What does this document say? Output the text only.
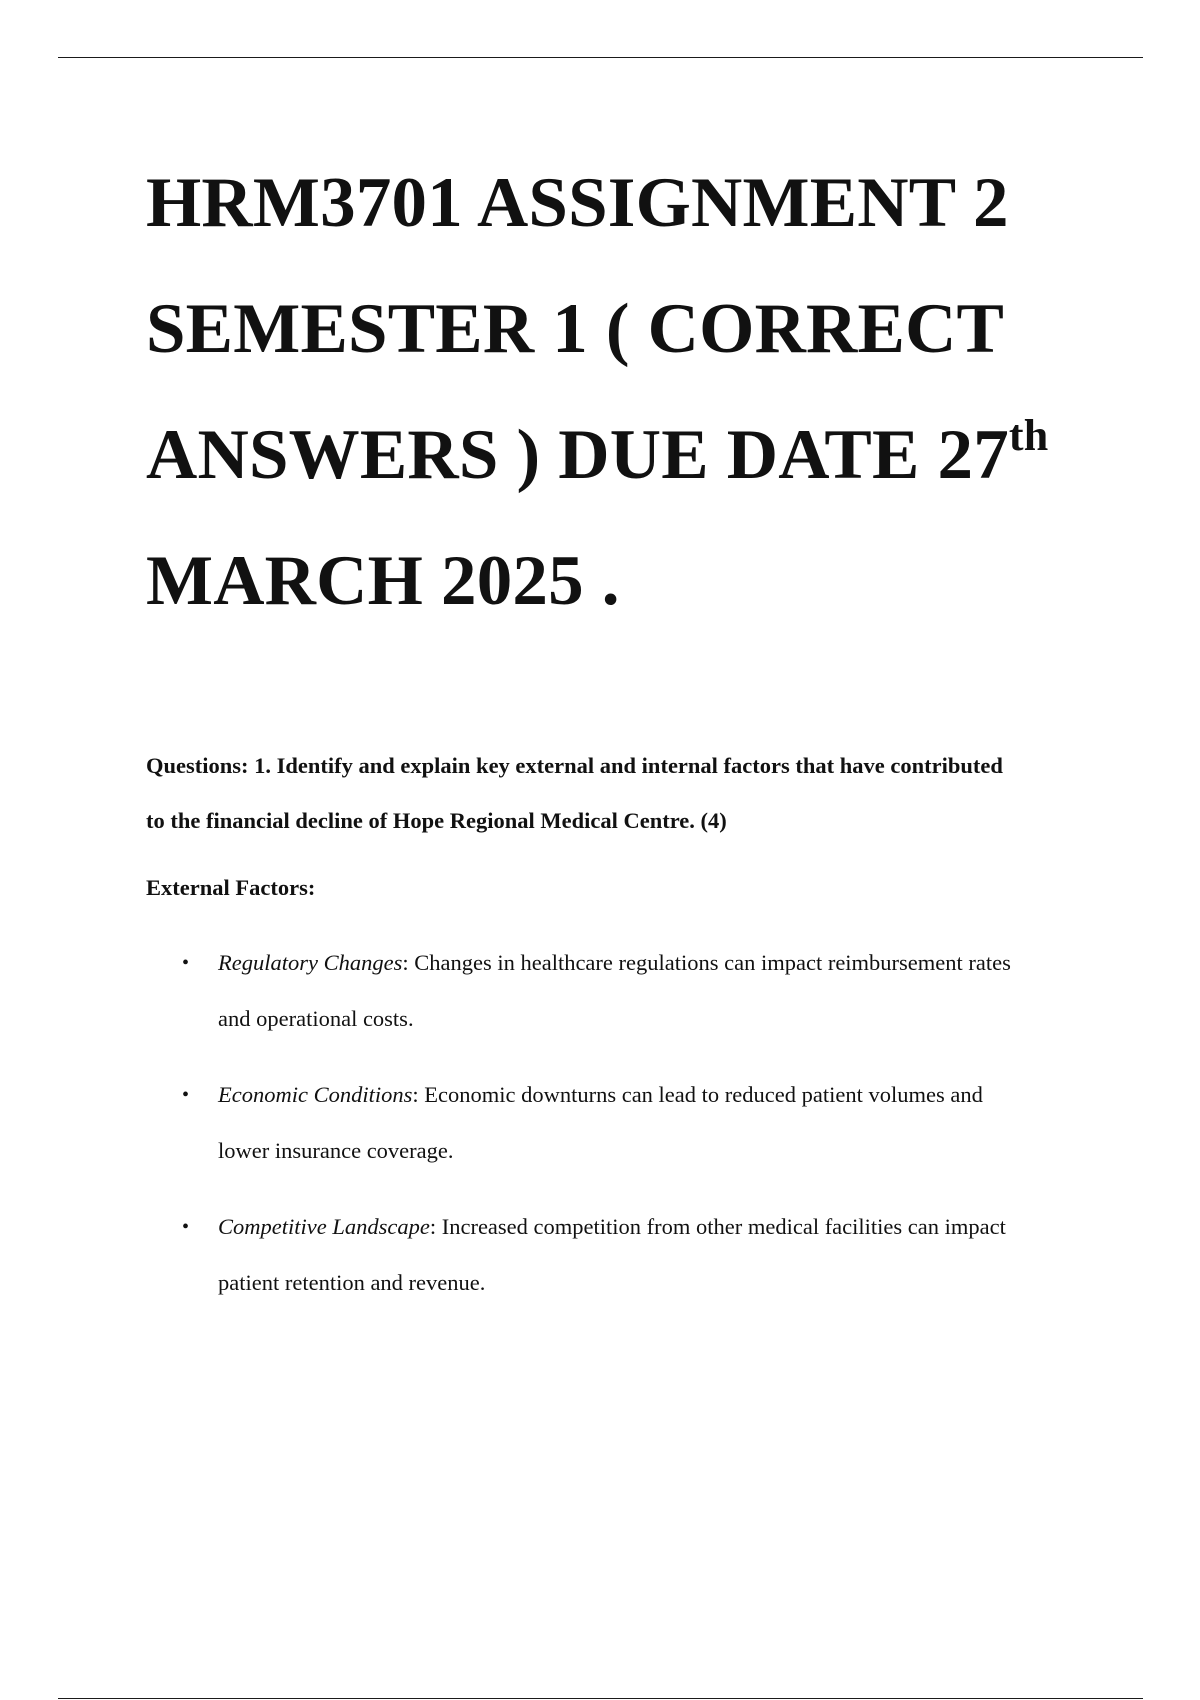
HRM3701 ASSIGNMENT 2
SEMESTER 1 ( CORRECT
ANSWERS ) DUE DATE 27th
MARCH 2025 .

Questions: 1. Identify and explain key external and internal factors that have contributed
to the financial decline of Hope Regional Medical Centre. (4)

External Factors:

• Regulatory Changes: Changes in healthcare regulations can impact reimbursement rates
and operational costs.
• Economic Conditions: Economic downturns can lead to reduced patient volumes and
lower insurance coverage.
• Competitive Landscape: Increased competition from other medical facilities can impact
patient retention and revenue.
